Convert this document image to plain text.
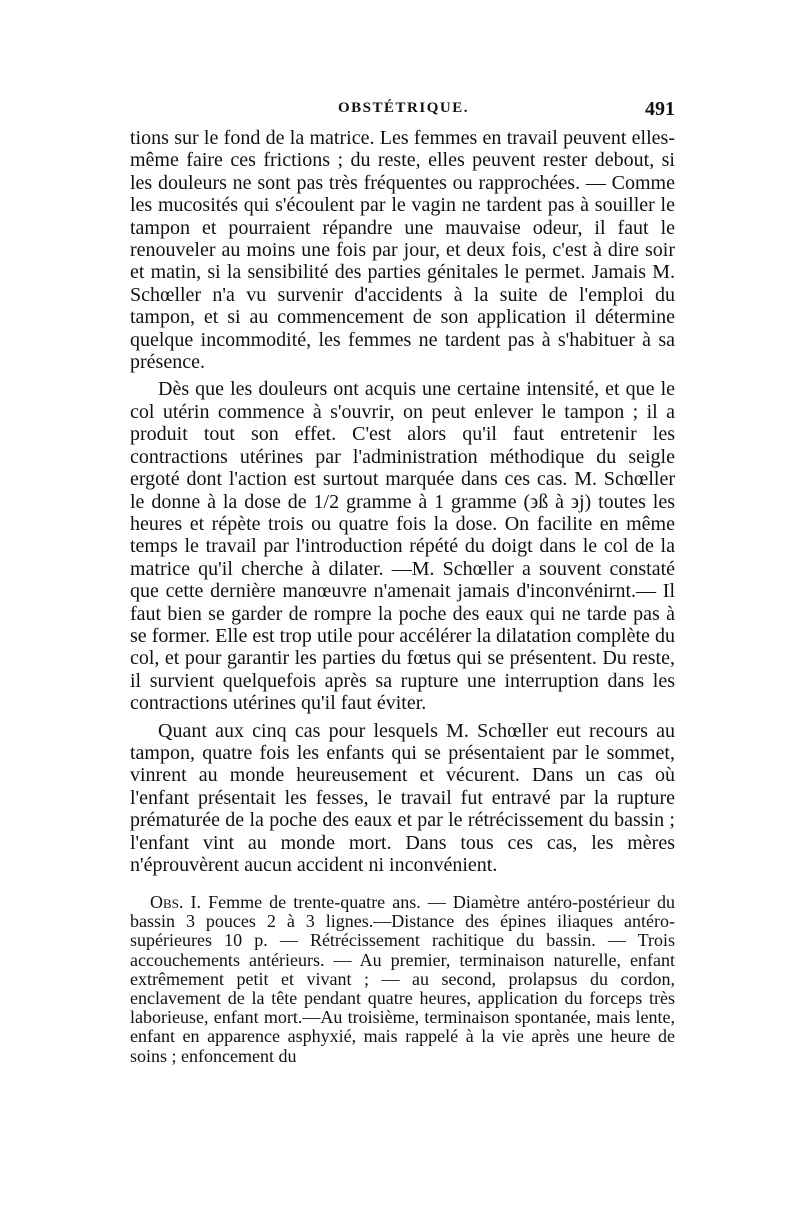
OBSTÉTRIQUE.	491

tions sur le fond de la matrice. Les femmes en travail peuvent elles-même faire ces frictions ; du reste, elles peuvent rester debout, si les douleurs ne sont pas très fréquentes ou rapprochées. — Comme les mucosités qui s'écoulent par le vagin ne tardent pas à souiller le tampon et pourraient répandre une mauvaise odeur, il faut le renouveler au moins une fois par jour, et deux fois, c'est à dire soir et matin, si la sensibilité des parties génitales le permet. Jamais M. Schœller n'a vu survenir d'accidents à la suite de l'emploi du tampon, et si au commencement de son application il détermine quelque incommodité, les femmes ne tardent pas à s'habituer à sa présence.

Dès que les douleurs ont acquis une certaine intensité, et que le col utérin commence à s'ouvrir, on peut enlever le tampon ; il a produit tout son effet. C'est alors qu'il faut entretenir les contractions utérines par l'administration méthodique du seigle ergoté dont l'action est surtout marquée dans ces cas. M. Schœller le donne à la dose de 1/2 gramme à 1 gramme (϶ß à ϶j) toutes les heures et répète trois ou quatre fois la dose. On facilite en même temps le travail par l'introduction répété du doigt dans le col de la matrice qu'il cherche à dilater. —M. Schœller a souvent constaté que cette dernière manœuvre n'amenait jamais d'inconvénirnt.— Il faut bien se garder de rompre la poche des eaux qui ne tarde pas à se former. Elle est trop utile pour accélérer la dilatation complète du col, et pour garantir les parties du fœtus qui se présentent. Du reste, il survient quelquefois après sa rupture une interruption dans les contractions utérines qu'il faut éviter.

Quant aux cinq cas pour lesquels M. Schœller eut recours au tampon, quatre fois les enfants qui se présentaient par le sommet, vinrent au monde heureusement et vécurent. Dans un cas où l'enfant présentait les fesses, le travail fut entravé par la rupture prématurée de la poche des eaux et par le rétrécissement du bassin ; l'enfant vint au monde mort. Dans tous ces cas, les mères n'éprouvèrent aucun accident ni inconvénient.

Obs. I. Femme de trente-quatre ans. — Diamètre antéro-postérieur du bassin 3 pouces 2 à 3 lignes.—Distance des épines iliaques antéro-supérieures 10 p. — Rétrécissement rachitique du bassin. — Trois accouchements antérieurs. — Au premier, terminaison naturelle, enfant extrêmement petit et vivant ; — au second, prolapsus du cordon, enclavement de la tête pendant quatre heures, application du forceps très laborieuse, enfant mort.—Au troisième, terminaison spontanée, mais lente, enfant en apparence asphyxié, mais rappelé à la vie après une heure de soins ; enfoncement du
